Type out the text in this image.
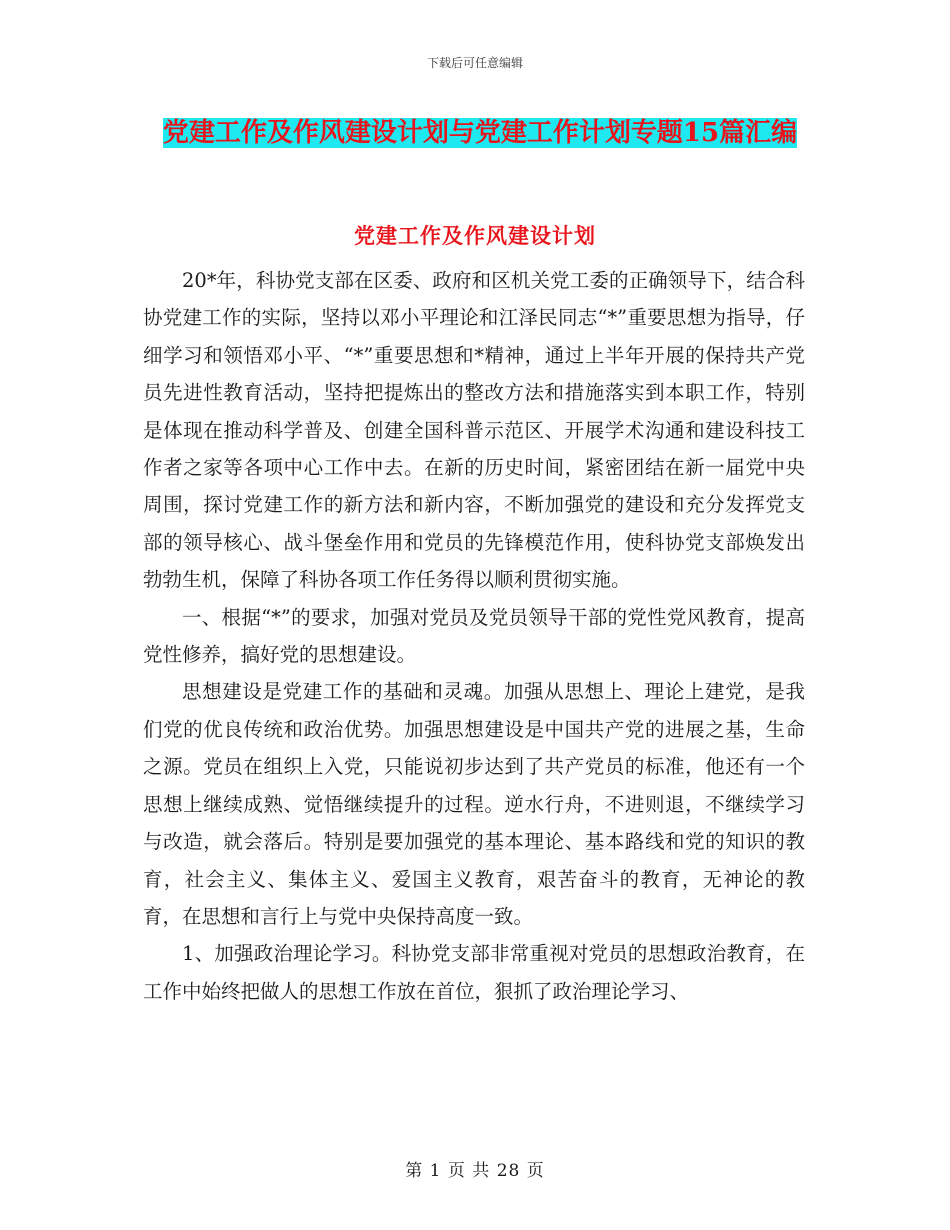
下载后可任意编辑
党建工作及作风建设计划与党建工作计划专题15篇汇编
党建工作及作风建设计划

20*年，科协党支部在区委、政府和区机关党工委的正确领导下，结合科协党建工作的实际，坚持以邓小平理论和江泽民同志“*”重要思想为指导，仔细学习和领悟邓小平、“*”重要思想和*精神，通过上半年开展的保持共产党员先进性教育活动，坚持把提炼出的整改方法和措施落实到本职工作，特别是体现在推动科学普及、创建全国科普示范区、开展学术沟通和建设科技工作者之家等各项中心工作中去。在新的历史时间，紧密团结在新一届党中央周围，探讨党建工作的新方法和新内容，不断加强党的建设和充分发挥党支部的领导核心、战斗堡垒作用和党员的先锋模范作用，使科协党支部焕发出勃勃生机，保障了科协各项工作任务得以顺利贯彻实施。

一、根据“*”的要求，加强对党员及党员领导干部的党性党风教育，提高党性修养，搞好党的思想建设。

思想建设是党建工作的基础和灵魂。加强从思想上、理论上建党，是我们党的优良传统和政治优势。加强思想建设是中国共产党的进展之基，生命之源。党员在组织上入党，只能说初步达到了共产党员的标准，他还有一个思想上继续成熟、觉悟继续提升的过程。逆水行舟，不进则退，不继续学习与改造，就会落后。特别是要加强党的基本理论、基本路线和党的知识的教育，社会主义、集体主义、爱国主义教育，艰苦奋斗的教育，无神论的教育，在思想和言行上与党中央保持高度一致。

1、加强政治理论学习。科协党支部非常重视对党员的思想政治教育，在工作中始终把做人的思想工作放在首位，狠抓了政治理论学习、

第 1 页 共 28 页
